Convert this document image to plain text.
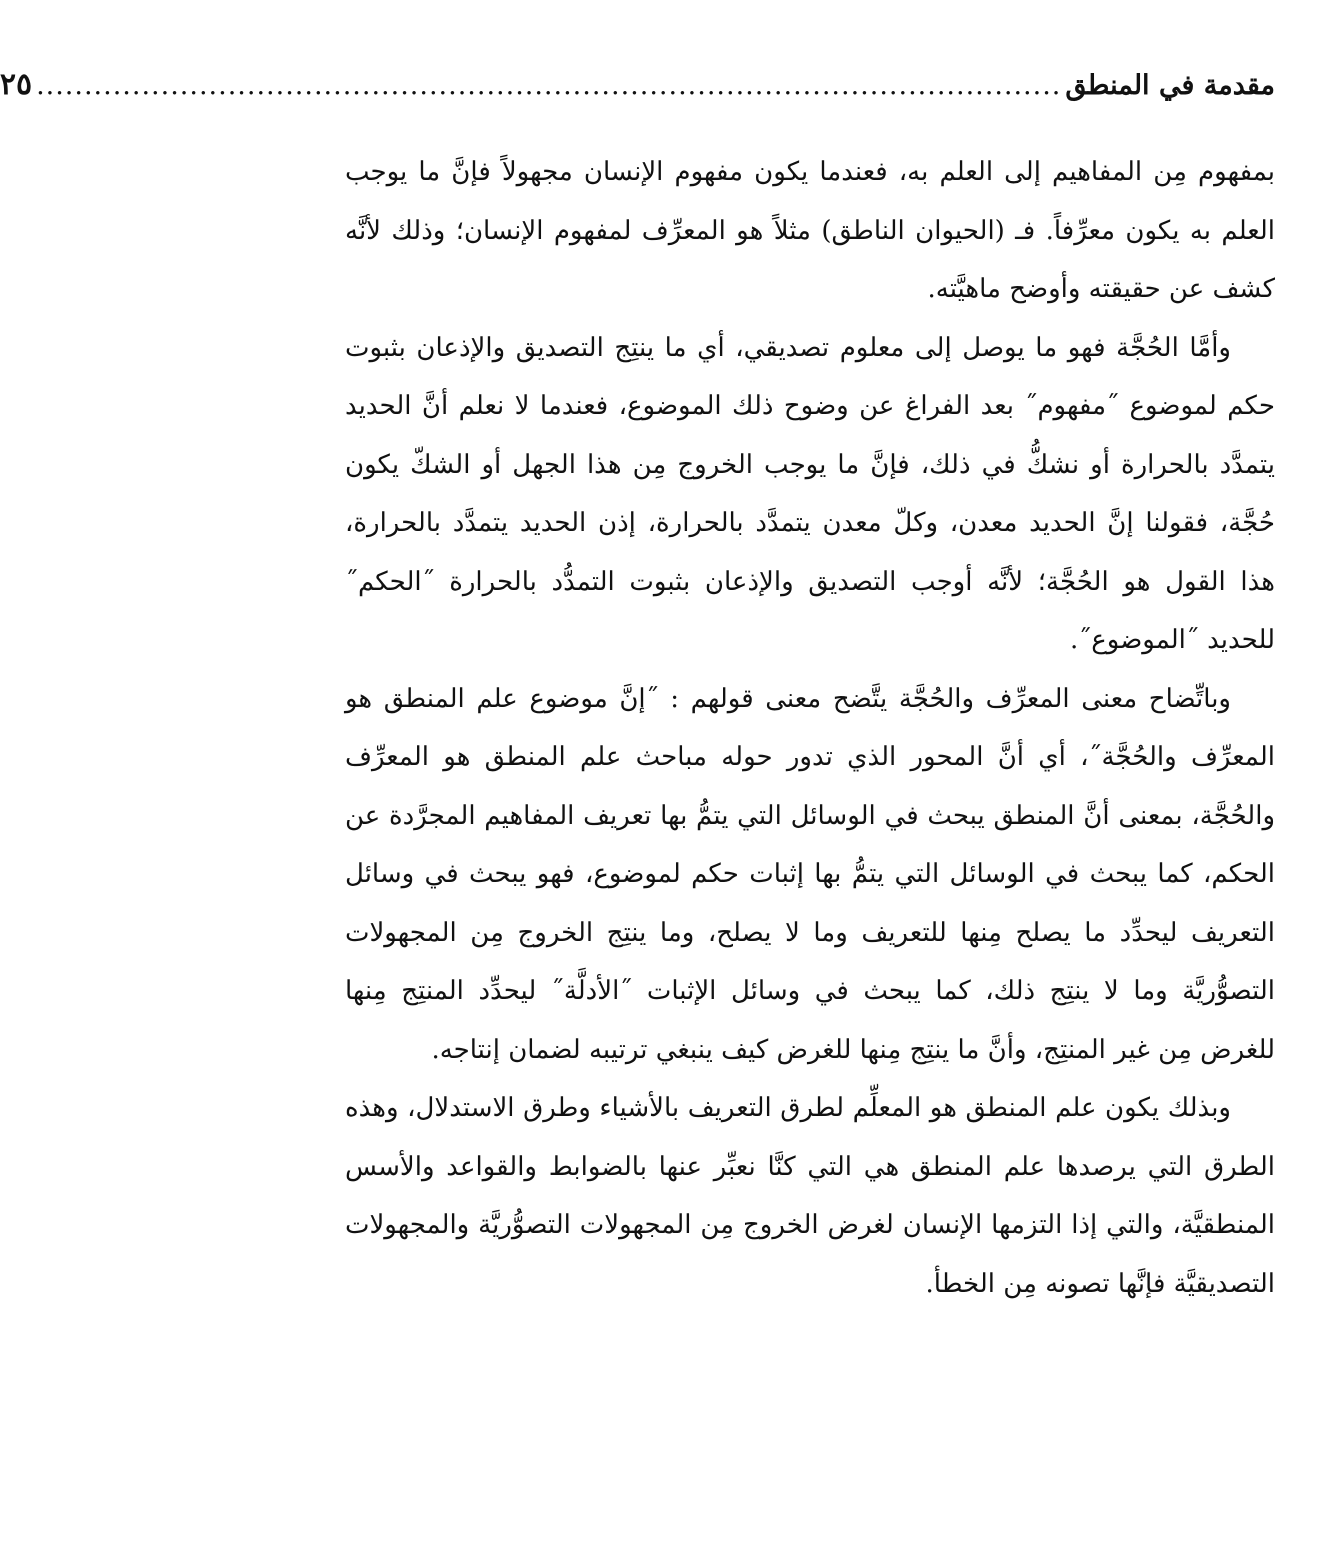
مقدمة في المنطق
...........................................................................................................
٢٥

بمفهوم مِن المفاهيم إلى العلم به، فعندما يكون مفهوم الإنسان مجهولاً فإنَّ ما يوجب العلم به يكون معرِّفاً. فـ (الحيوان الناطق) مثلاً هو المعرِّف لمفهوم الإنسان؛ وذلك لأنَّه كشف عن حقيقته وأوضح ماهيَّته.

وأمَّا الحُجَّة فهو ما يوصل إلى معلوم تصديقي، أي ما ينتِج التصديق والإذعان بثبوت حكم لموضوع ˝مفهوم˝ بعد الفراغ عن وضوح ذلك الموضوع، فعندما لا نعلم أنَّ الحديد يتمدَّد بالحرارة أو نشكُّ في ذلك، فإنَّ ما يوجب الخروج مِن هذا الجهل أو الشكّ يكون حُجَّة، فقولنا إنَّ الحديد معدن، وكلّ معدن يتمدَّد بالحرارة، إذن الحديد يتمدَّد بالحرارة، هذا القول هو الحُجَّة؛ لأنَّه أوجب التصديق والإذعان بثبوت التمدُّد بالحرارة ˝الحكم˝ للحديد ˝الموضوع˝.

وباتِّضاح معنى المعرِّف والحُجَّة يتَّضح معنى قولهم : ˝إنَّ موضوع علم المنطق هو المعرِّف والحُجَّة˝، أي أنَّ المحور الذي تدور حوله مباحث علم المنطق هو المعرِّف والحُجَّة، بمعنى أنَّ المنطق يبحث في الوسائل التي يتمُّ بها تعريف المفاهيم المجرَّدة عن الحكم، كما يبحث في الوسائل التي يتمُّ بها إثبات حكم لموضوع، فهو يبحث في وسائل التعريف ليحدِّد ما يصلح مِنها للتعريف وما لا يصلح، وما ينتِج الخروج مِن المجهولات التصوُّريَّة وما لا ينتِج ذلك، كما يبحث في وسائل الإثبات ˝الأدلَّة˝ ليحدِّد المنتِج مِنها للغرض مِن غير المنتِج، وأنَّ ما ينتِج مِنها للغرض كيف ينبغي ترتيبه لضمان إنتاجه.

وبذلك يكون علم المنطق هو المعلِّم لطرق التعريف بالأشياء وطرق الاستدلال، وهذه الطرق التي يرصدها علم المنطق هي التي كنَّا نعبِّر عنها بالضوابط والقواعد والأسس المنطقيَّة، والتي إذا التزمها الإنسان لغرض الخروج مِن المجهولات التصوُّريَّة والمجهولات التصديقيَّة فإنَّها تصونه مِن الخطأ.
